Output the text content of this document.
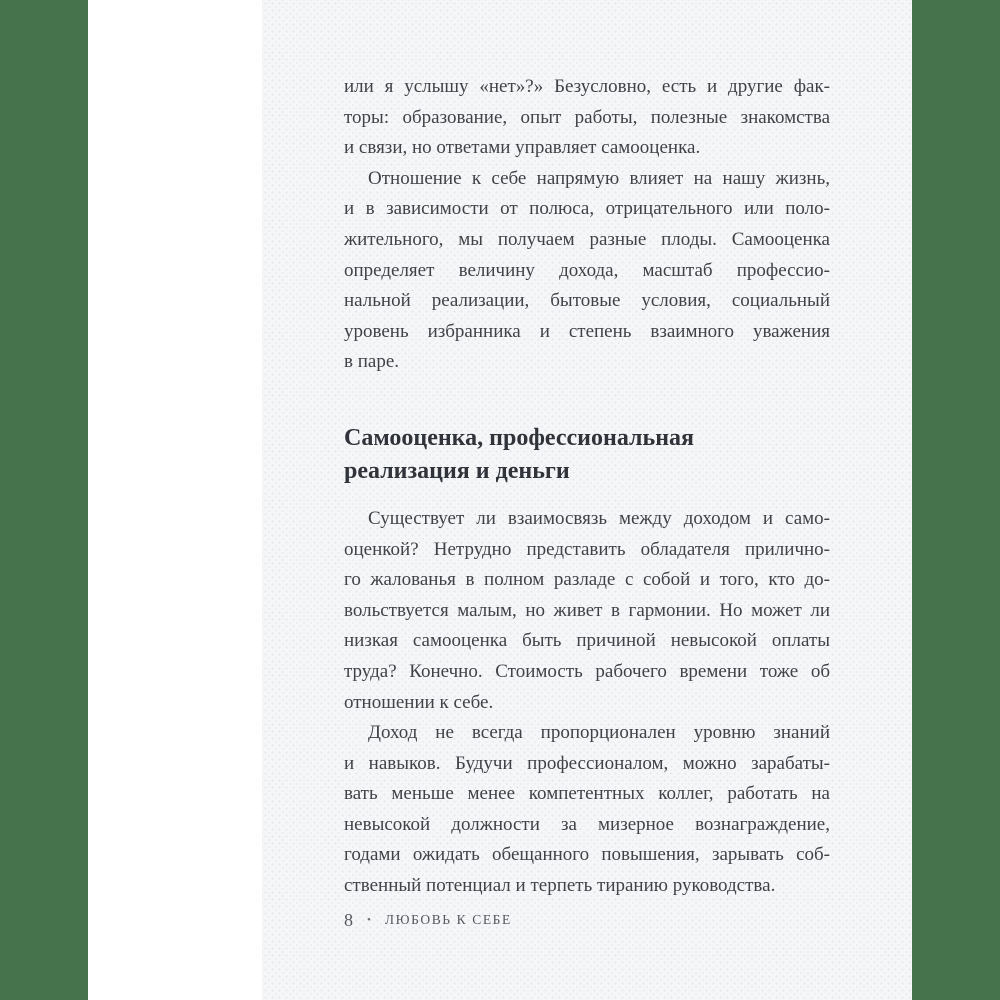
или я услышу «нет»?» Безусловно, есть и другие фак-
торы: образование, опыт работы, полезные знакомства
и связи, но ответами управляет самооценка.
Отношение к себе напрямую влияет на нашу жизнь,
и в зависимости от полюса, отрицательного или поло-
жительного, мы получаем разные плоды. Самооценка
определяет величину дохода, масштаб профессио-
нальной реализации, бытовые условия, социальный
уровень избранника и степень взаимного уважения
в паре.
Самооценка, профессиональная
реализация и деньги
Существует ли взаимосвязь между доходом и само-
оценкой? Нетрудно представить обладателя прилично-
го жалованья в полном разладе с собой и того, кто до-
вольствуется малым, но живет в гармонии. Но может ли
низкая самооценка быть причиной невысокой оплаты
труда? Конечно. Стоимость рабочего времени тоже об
отношении к себе.
Доход не всегда пропорционален уровню знаний
и навыков. Будучи профессионалом, можно зарабаты-
вать меньше менее компетентных коллег, работать на
невысокой должности за мизерное вознаграждение,
годами ожидать обещанного повышения, зарывать соб-
ственный потенциал и терпеть тиранию руководства.
8 • ЛЮБОВЬ К СЕБЕ
